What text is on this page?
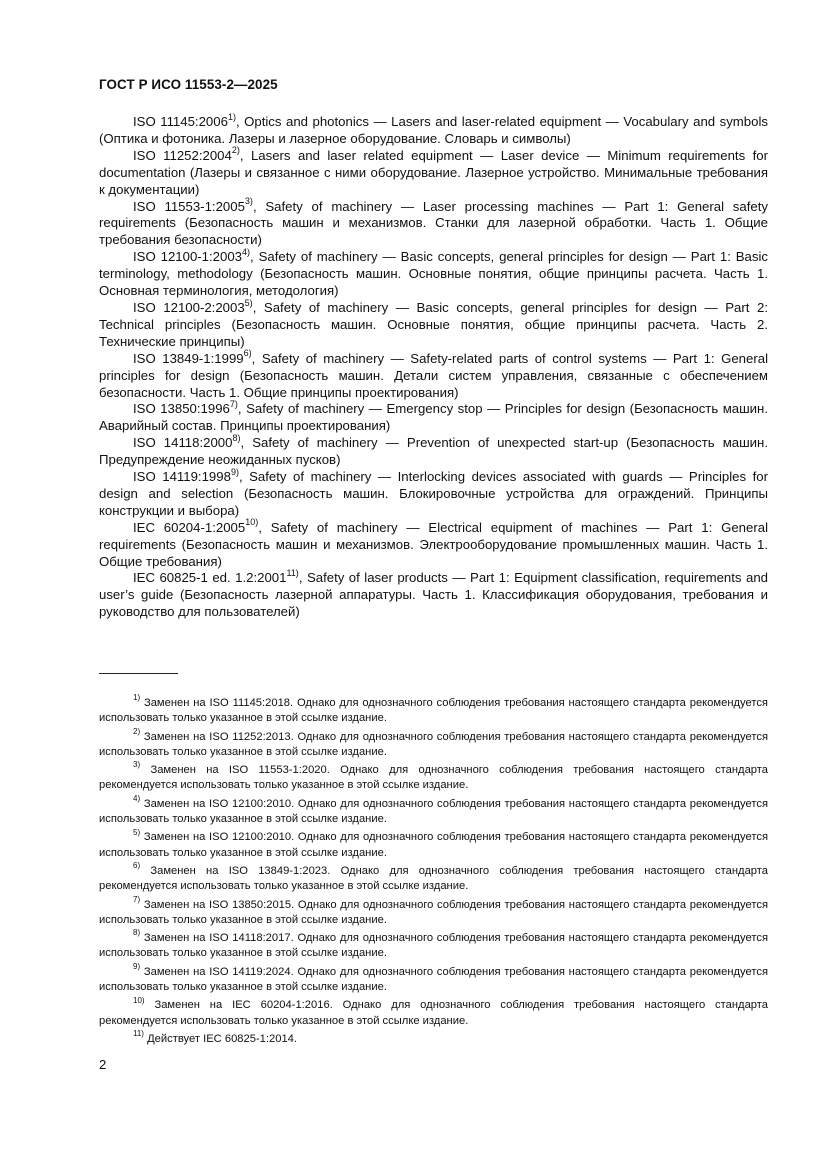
ГОСТ Р ИСО 11553-2—2025

ISO 11145:2006$^{1)}$, Optics and photonics — Lasers and laser-related equipment — Vocabulary and symbols (Оптика и фотоника. Лазеры и лазерное оборудование. Словарь и символы)

ISO 11252:2004$^{2)}$, Lasers and laser related equipment — Laser device — Minimum requirements for documentation (Лазеры и связанное с ними оборудование. Лазерное устройство. Минимальные требования к документации)

ISO 11553-1:2005$^{3)}$, Safety of machinery — Laser processing machines — Part 1: General safety requirements (Безопасность машин и механизмов. Станки для лазерной обработки. Часть 1. Общие требования безопасности)

ISO 12100-1:2003$^{4)}$, Safety of machinery — Basic concepts, general principles for design — Part 1: Basic terminology, methodology (Безопасность машин. Основные понятия, общие принципы расчета. Часть 1. Основная терминология, методология)

ISO 12100-2:2003$^{5)}$, Safety of machinery — Basic concepts, general principles for design — Part 2: Technical principles (Безопасность машин. Основные понятия, общие принципы расчета. Часть 2. Технические принципы)

ISO 13849-1:1999$^{6)}$, Safety of machinery — Safety-related parts of control systems — Part 1: General principles for design (Безопасность машин. Детали систем управления, связанные с обеспечением безопасности. Часть 1. Общие принципы проектирования)

ISO 13850:1996$^{7)}$, Safety of machinery — Emergency stop — Principles for design (Безопасность машин. Аварийный состав. Принципы проектирования)

ISO 14118:2000$^{8)}$, Safety of machinery — Prevention of unexpected start-up (Безопасность машин. Предупреждение неожиданных пусков)

ISO 14119:1998$^{9)}$, Safety of machinery — Interlocking devices associated with guards — Principles for design and selection (Безопасность машин. Блокировочные устройства для ограждений. Принципы конструкции и выбора)

IEC 60204-1:2005$^{10)}$, Safety of machinery — Electrical equipment of machines — Part 1: General requirements (Безопасность машин и механизмов. Электрооборудование промышленных машин. Часть 1. Общие требования)

IEC 60825-1 ed. 1.2:2001$^{11)}$, Safety of laser products — Part 1: Equipment classification, requirements and user’s guide (Безопасность лазерной аппаратуры. Часть 1. Классификация оборудования, требования и руководство для пользователей)

$^{1)}$ Заменен на ISO 11145:2018. Однако для однозначного соблюдения требования настоящего стандарта рекомендуется использовать только указанное в этой ссылке издание.

$^{2)}$ Заменен на ISO 11252:2013. Однако для однозначного соблюдения требования настоящего стандарта рекомендуется использовать только указанное в этой ссылке издание.

$^{3)}$ Заменен на ISO 11553-1:2020. Однако для однозначного соблюдения требования настоящего стандарта рекомендуется использовать только указанное в этой ссылке издание.

$^{4)}$ Заменен на ISO 12100:2010. Однако для однозначного соблюдения требования настоящего стандарта рекомендуется использовать только указанное в этой ссылке издание.

$^{5)}$ Заменен на ISO 12100:2010. Однако для однозначного соблюдения требования настоящего стандарта рекомендуется использовать только указанное в этой ссылке издание.

$^{6)}$ Заменен на ISO 13849-1:2023. Однако для однозначного соблюдения требования настоящего стандарта рекомендуется использовать только указанное в этой ссылке издание.

$^{7)}$ Заменен на ISO 13850:2015. Однако для однозначного соблюдения требования настоящего стандарта рекомендуется использовать только указанное в этой ссылке издание.

$^{8)}$ Заменен на ISO 14118:2017. Однако для однозначного соблюдения требования настоящего стандарта рекомендуется использовать только указанное в этой ссылке издание.

$^{9)}$ Заменен на ISO 14119:2024. Однако для однозначного соблюдения требования настоящего стандарта рекомендуется использовать только указанное в этой ссылке издание.

$^{10)}$ Заменен на IEC 60204-1:2016. Однако для однозначного соблюдения требования настоящего стандарта рекомендуется использовать только указанное в этой ссылке издание.

$^{11)}$ Действует IEC 60825-1:2014.

2
